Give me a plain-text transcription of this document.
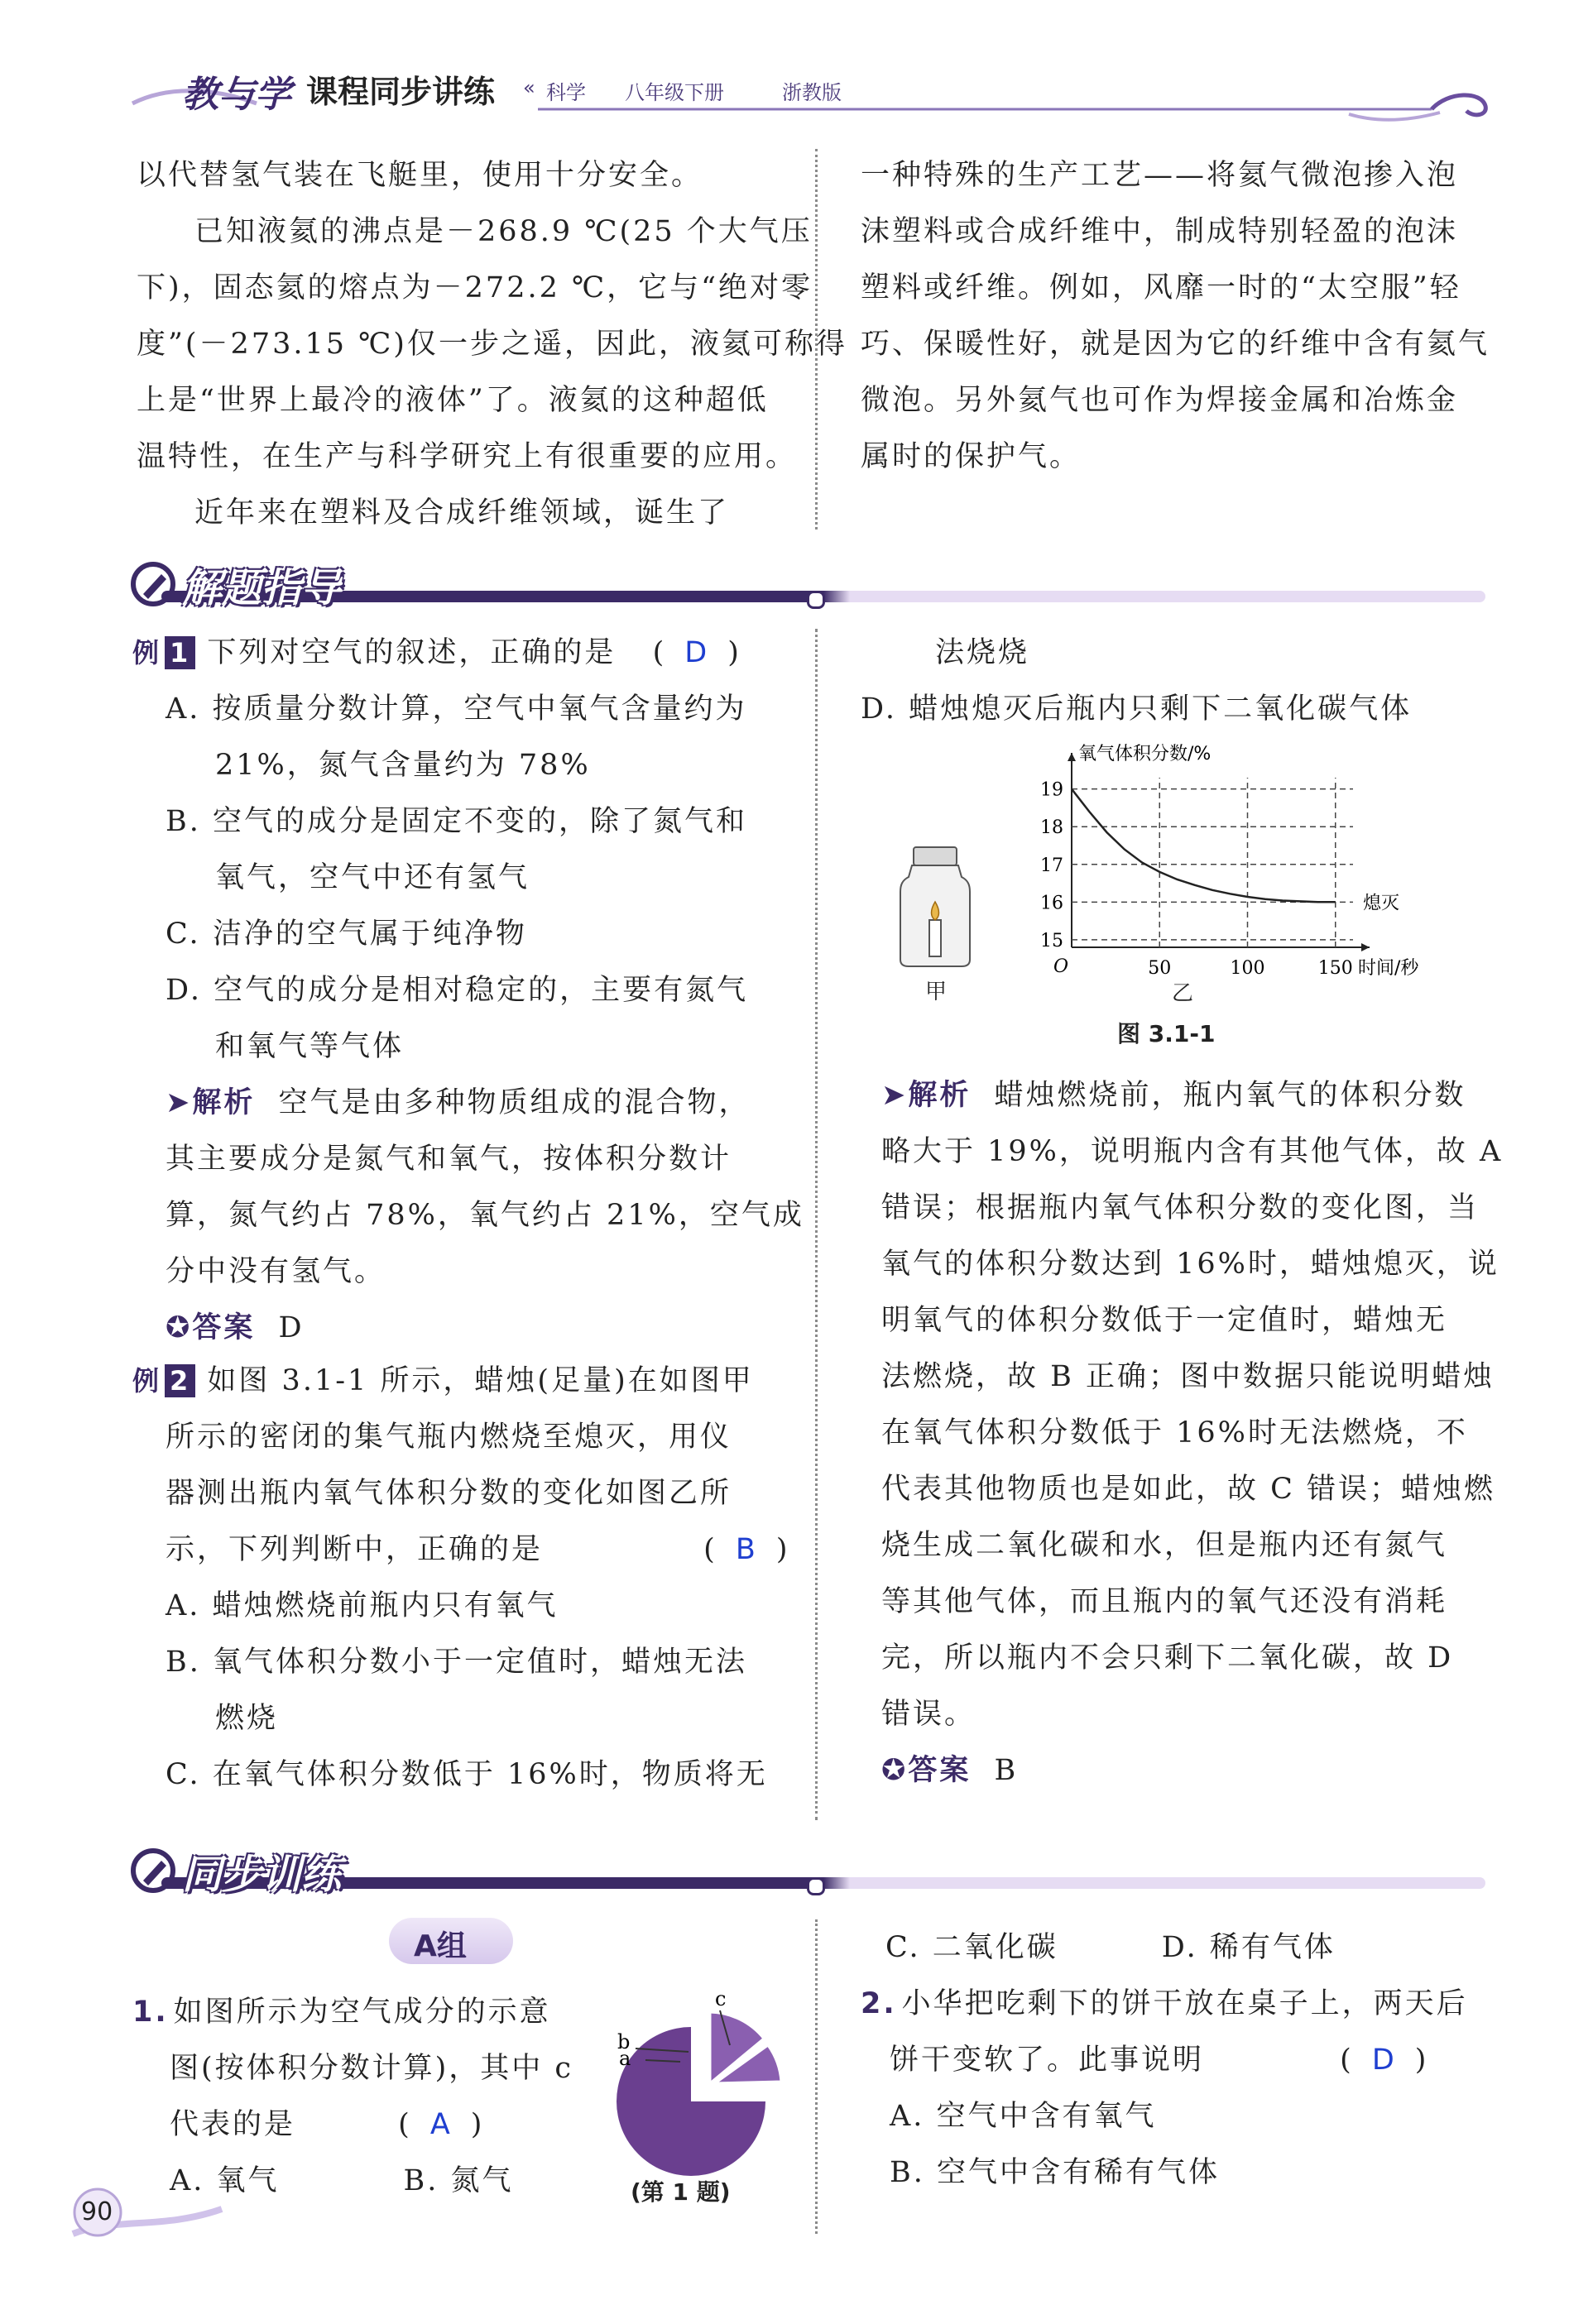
教与学 课程同步讲练 « 科学 八年级下册	浙教版
以代替氢气装在飞艇里，使用十分安全。
已知液氦的沸点是－268.9 ℃(25 个大气压
下)，固态氦的熔点为－272.2 ℃，它与“绝对零
度”(－273.15 ℃)仅一步之遥，因此，液氦可称得
上是“世界上最冷的液体”了。液氦的这种超低
温特性，在生产与科学研究上有很重要的应用。
近年来在塑料及合成纤维领域，诞生了
一种特殊的生产工艺——将氦气微泡掺入泡
沫塑料或合成纤维中，制成特别轻盈的泡沫
塑料或纤维。例如，风靡一时的“太空服”轻
巧、保暖性好，就是因为它的纤维中含有氦气
微泡。另外氦气也可作为焊接金属和冶炼金
属时的保护气。
解题指导
例 1 下列对空气的叙述，正确的是 ( D )
A. 按质量分数计算，空气中氧气含量约为
21%，氮气含量约为 78%
B. 空气的成分是固定不变的，除了氮气和
氧气，空气中还有氢气
C. 洁净的空气属于纯净物
D. 空气的成分是相对稳定的，主要有氮气
和氧气等气体
➤解析 空气是由多种物质组成的混合物，
其主要成分是氮气和氧气，按体积分数计
算，氮气约占 78%，氧气约占 21%，空气成
分中没有氢气。
✪答案 D
例 2 如图 3.1-1 所示，蜡烛(足量)在如图甲
所示的密闭的集气瓶内燃烧至熄灭，用仪
器测出瓶内氧气体积分数的变化如图乙所
示，下列判断中，正确的是	( B )
A. 蜡烛燃烧前瓶内只有氧气
B. 氧气体积分数小于一定值时，蜡烛无法
燃烧
C. 在氧气体积分数低于 16%时，物质将无
法烧烧
D. 蜡烛熄灭后瓶内只剩下二氧化碳气体
甲
15
16
17
18
19
50	100	150
O	时间/秒
氧气体积分数/%
熄灭
乙
图 3.1-1
➤解析 蜡烛燃烧前，瓶内氧气的体积分数
略大于 19%，说明瓶内含有其他气体，故 A
错误；根据瓶内氧气体积分数的变化图，当
氧气的体积分数达到 16%时，蜡烛熄灭，说
明氧气的体积分数低于一定值时，蜡烛无
法燃烧，故 B 正确；图中数据只能说明蜡烛
在氧气体积分数低于 16%时无法燃烧，不
代表其他物质也是如此，故 C 错误；蜡烛燃
烧生成二氧化碳和水，但是瓶内还有氮气
等其他气体，而且瓶内的氧气还没有消耗
完，所以瓶内不会只剩下二氧化碳，故 D
错误。
✪答案 B
同步训练
A组
1. 如图所示为空气成分的示意
图(按体积分数计算)，其中 c
代表的是	( A )
A. 氧气	B. 氮气
a
b
c
(第 1 题)
C. 二氧化碳	D. 稀有气体
2. 小华把吃剩下的饼干放在桌子上，两天后
饼干变软了。此事说明	( D )
A. 空气中含有氧气
B. 空气中含有稀有气体
90
